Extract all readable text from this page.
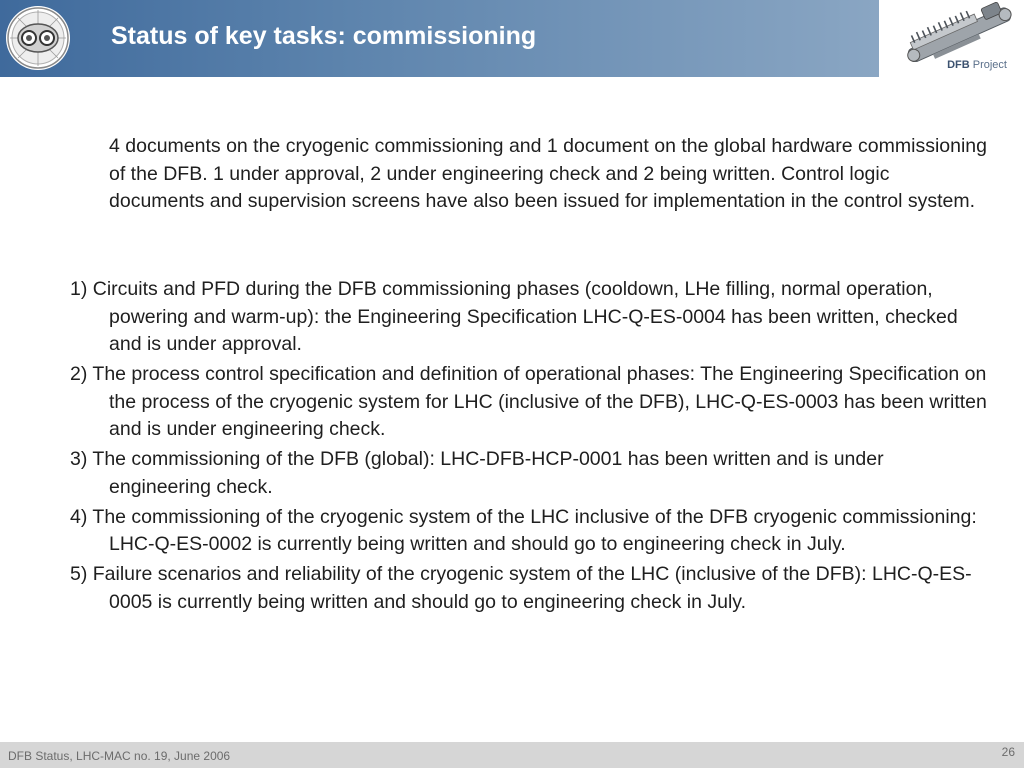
Status of key tasks: commissioning
DFB Project

4 documents on the cryogenic commissioning and 1 document on the global hardware commissioning of the DFB. 1 under approval, 2 under engineering check and 2 being written. Control logic documents and supervision screens have also been issued for implementation in the control system.

1) Circuits and PFD during the DFB commissioning phases (cooldown, LHe filling, normal operation, powering and warm-up): the Engineering Specification LHC-Q-ES-0004 has been written, checked and is under approval.
2) The process control specification and definition of operational phases: The Engineering Specification on the process of the cryogenic system for LHC (inclusive of the DFB), LHC-Q-ES-0003 has been written and is under engineering check.
3) The commissioning of the DFB (global): LHC-DFB-HCP-0001 has been written and is under engineering check.
4) The commissioning of the cryogenic system of the LHC inclusive of the DFB cryogenic commissioning: LHC-Q-ES-0002 is currently being written and should go to engineering check in July.
5) Failure scenarios and reliability of the cryogenic system of the LHC (inclusive of the DFB): LHC-Q-ES-0005 is currently being written and should go to engineering check in July.
DFB Status, LHC-MAC no. 19, June 2006	26
